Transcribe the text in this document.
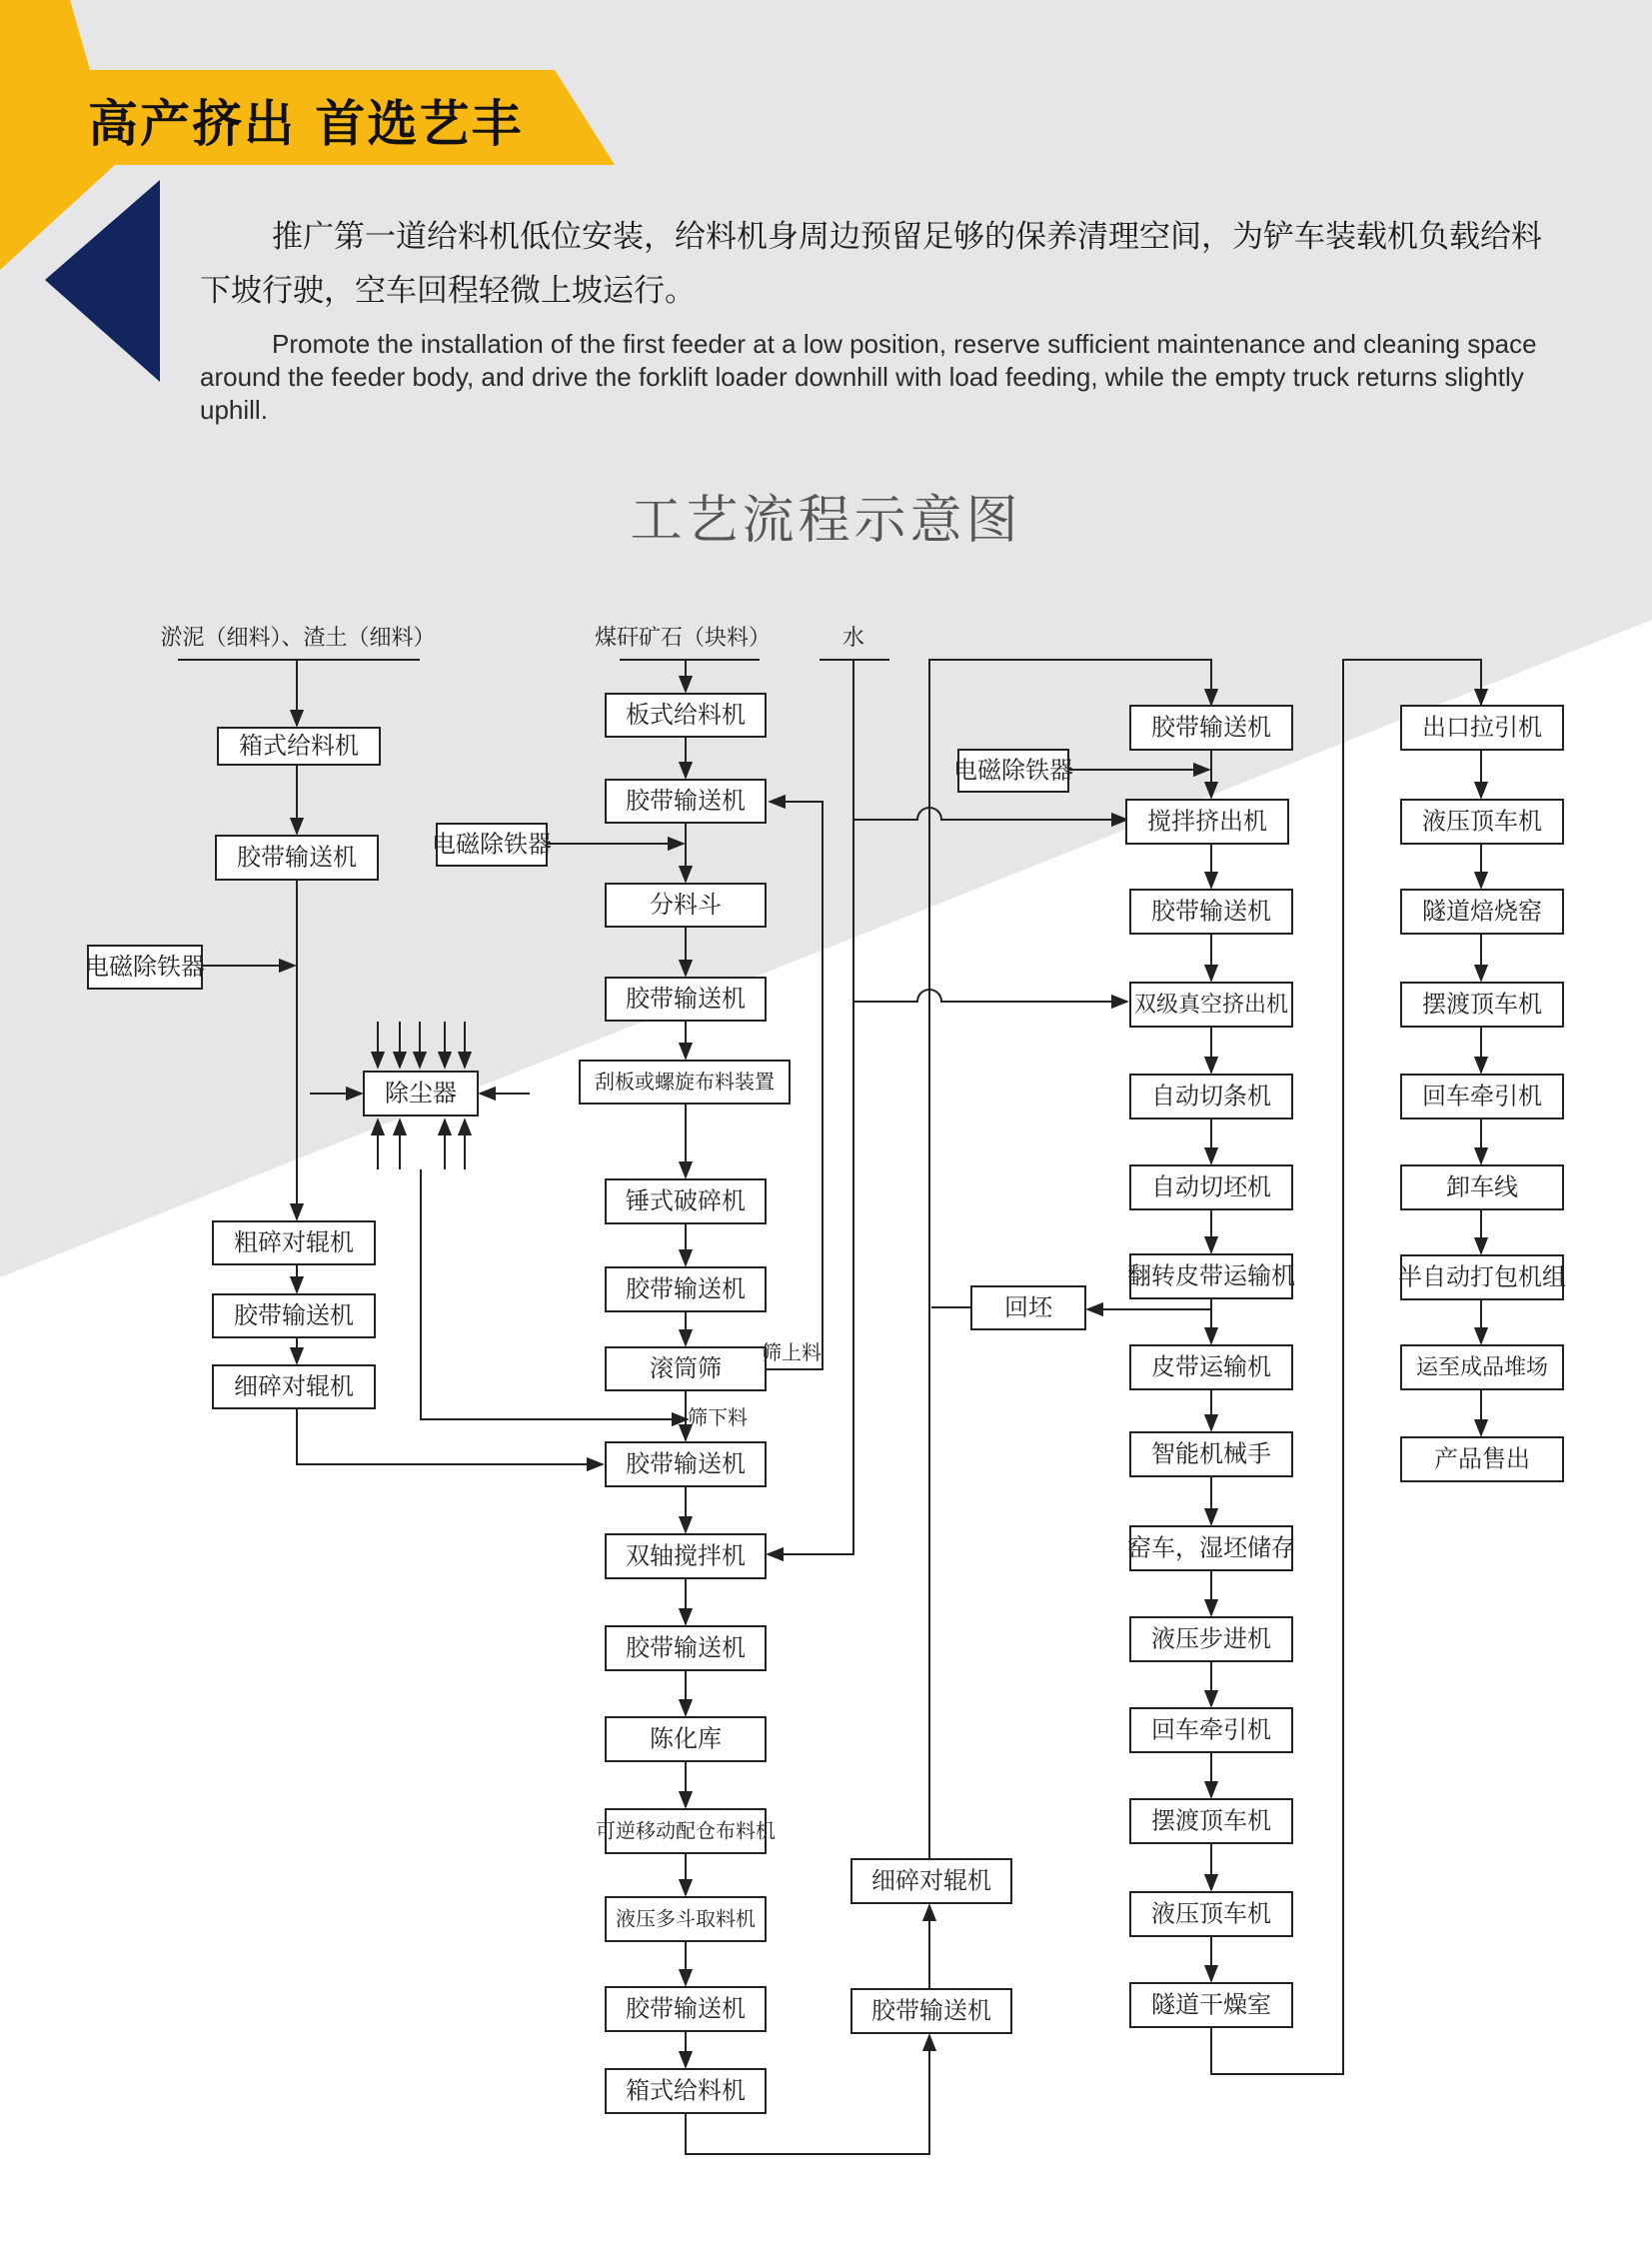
高产挤出 首选艺丰

推广第一道给料机低位安装，给料机身周边预留足够的保养清理空间，为铲车装载机负载给料下坡行驶，空车回程轻微上坡运行。

Promote the installation of the first feeder at a low position, reserve sufficient maintenance and cleaning space around the feeder body, and drive the forklift loader downhill with load feeding, while the empty truck returns slightly uphill.

工艺流程示意图
淤泥（细料）、渣土（细料）	煤矸矿石（块料）	水
箱式给料机
胶带输送机
粗碎对辊机
胶带输送机
细碎对辊机
电磁除铁器
除尘器
板式给料机
胶带输送机
分料斗
胶带输送机
刮板或螺旋布料装置
锤式破碎机
胶带输送机
滚筒筛
胶带输送机
双轴搅拌机
胶带输送机
陈化库
可逆移动配仓布料机
液压多斗取料机
胶带输送机
箱式给料机
电磁除铁器
筛上料
筛下料
细碎对辊机
胶带输送机
回坯
胶带输送机
搅拌挤出机
胶带输送机
双级真空挤出机
自动切条机
自动切坯机
翻转皮带运输机
皮带运输机
智能机械手
窑车，湿坯储存
液压步进机
回车牵引机
摆渡顶车机
液压顶车机
隧道干燥室
电磁除铁器
出口拉引机
液压顶车机
隧道焙烧窑
摆渡顶车机
回车牵引机
卸车线
半自动打包机组
运至成品堆场
产品售出
